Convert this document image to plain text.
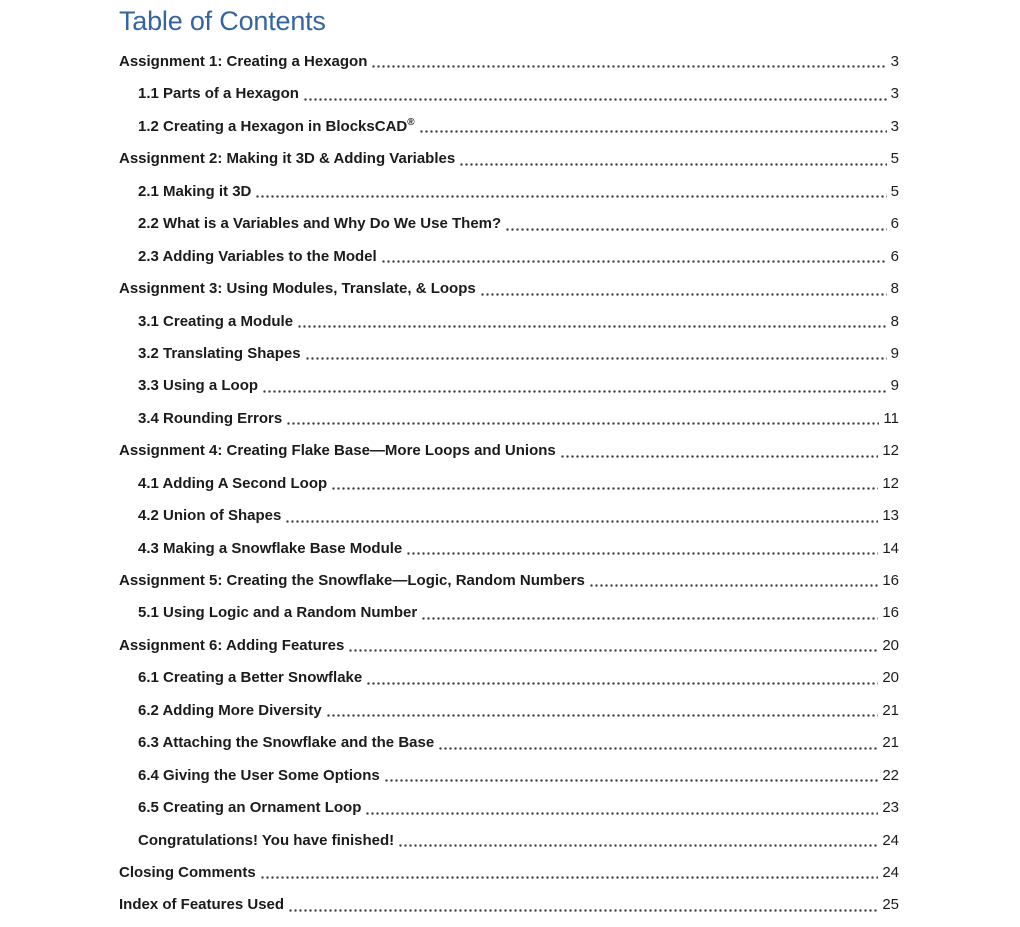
Table of Contents
Assignment 1: Creating a Hexagon	3
1.1 Parts of a Hexagon	3
1.2 Creating a Hexagon in BlocksCAD®	3
Assignment 2: Making it 3D & Adding Variables	5
2.1 Making it 3D	5
2.2 What is a Variables and Why Do We Use Them?	6
2.3 Adding Variables to the Model	6
Assignment 3: Using Modules, Translate, & Loops	8
3.1 Creating a Module	8
3.2 Translating Shapes	9
3.3 Using a Loop	9
3.4 Rounding Errors	11
Assignment 4: Creating Flake Base—More Loops and Unions	12
4.1 Adding A Second Loop	12
4.2 Union of Shapes	13
4.3 Making a Snowflake Base Module	14
Assignment 5: Creating the Snowflake—Logic, Random Numbers	16
5.1 Using Logic and a Random Number	16
Assignment 6: Adding Features	20
6.1 Creating a Better Snowflake	20
6.2 Adding More Diversity	21
6.3 Attaching the Snowflake and the Base	21
6.4 Giving the User Some Options	22
6.5 Creating an Ornament Loop	23
Congratulations! You have finished!	24
Closing Comments	24
Index of Features Used	25
